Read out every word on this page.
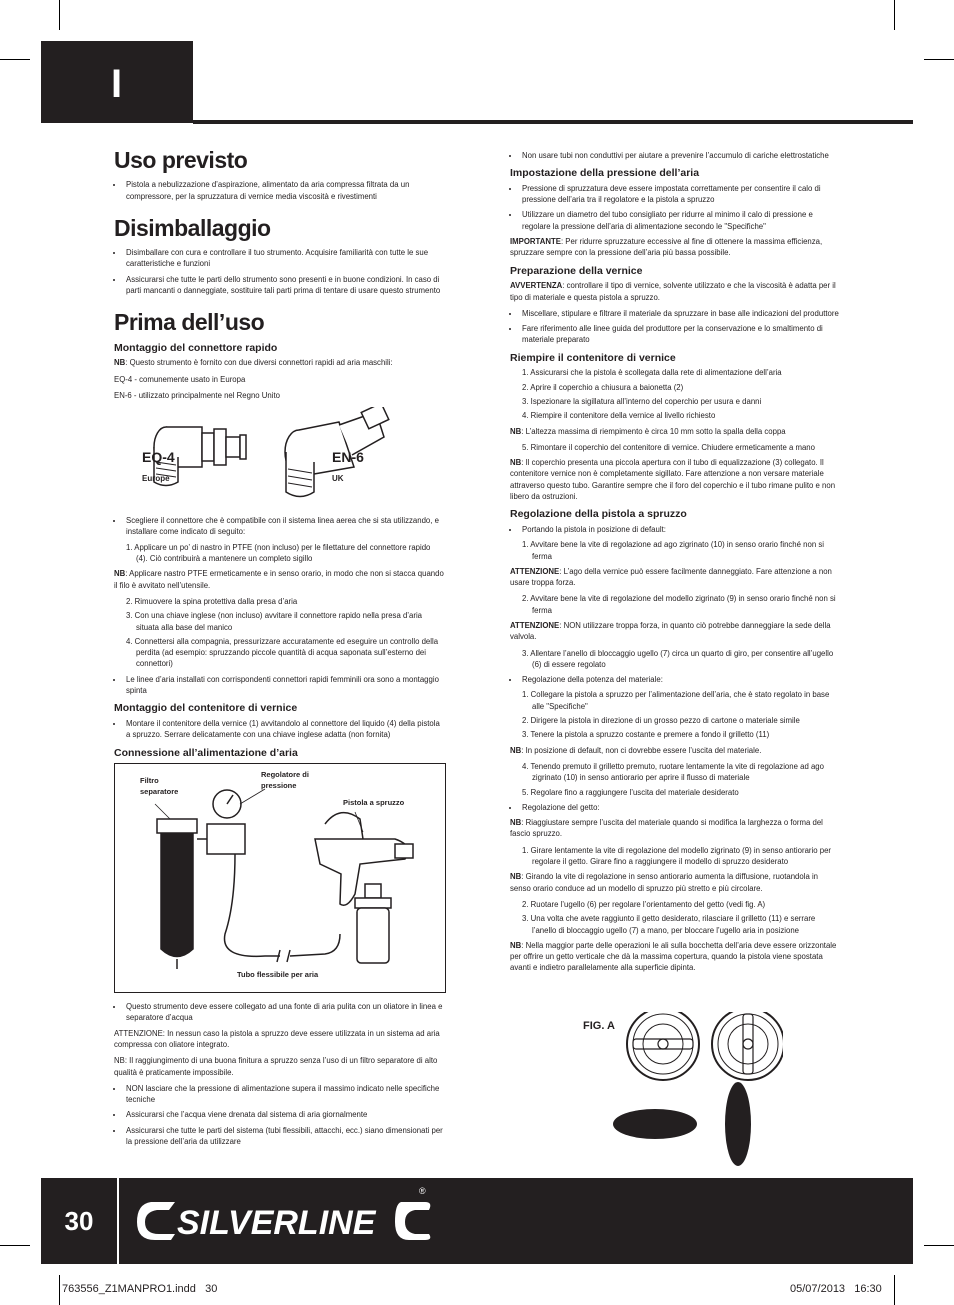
I
Uso previsto
• Pistola a nebulizzazione d’aspirazione, alimentato da aria compressa filtrata da un compressore, per la spruzzatura di vernice media viscosità e rivestimenti
Disimballaggio
• Disimballare con cura e controllare il tuo strumento. Acquisire familiarità con tutte le sue caratteristiche e funzioni
• Assicurarsi che tutte le parti dello strumento sono presenti e in buone condizioni. In caso di parti mancanti o danneggiate, sostituire tali parti prima di tentare di usare questo strumento
Prima dell’uso
Montaggio del connettore rapido

NB: Questo strumento è fornito con due diversi connettori rapidi ad aria maschili:

EQ-4 - comunemente usato in Europa

EN-6 - utilizzato principalmente nel Regno Unito

EQ-4
Europe
EN-6
UK
• Scegliere il connettore che è compatibile con il sistema linea aerea che si sta utilizzando, e installare come indicato di seguito:
1. Applicare un po’ di nastro in PTFE (non incluso) per le filettature del connettore rapido (4). Ciò contribuirà a mantenere un completo sigillo

NB: Applicare nastro PTFE ermeticamente e in senso orario, in modo che non si stacca quando il filo è avvitato nell’utensile.

2. Rimuovere la spina protettiva dalla presa d’aria
3. Con una chiave inglese (non incluso) avvitare il connettore rapido nella presa d’aria situata alla base del manico
4. Connettersi alla compagnia, pressurizzare accuratamente ed eseguire un controllo della perdita (ad esempio: spruzzando piccole quantità di acqua saponata sull’esterno dei connettori)
• Le linee d’aria installati con corrispondenti connettori rapidi femminili ora sono a montaggio spinta
Montaggio del contenitore di vernice
• Montare il contenitore della vernice (1) avvitandolo al connettore del liquido (4) della pistola a spruzzo. Serrare delicatamente con una chiave inglese adatta (non fornita)
Connessione all’alimentazione d’aria
Filtro separatore
Regolatore di pressione
Pistola a spruzzo
Tubo flessibile per aria
• Questo strumento deve essere collegato ad una fonte di aria pulita con un oliatore in linea e separatore d’acqua

ATTENZIONE: In nessun caso la pistola a spruzzo deve essere utilizzata in un sistema ad aria compressa con oliatore integrato.

NB: Il raggiungimento di una buona finitura a spruzzo senza l’uso di un filtro separatore di alto qualità è praticamente impossibile.

• NON lasciare che la pressione di alimentazione supera il massimo indicato nelle specifiche tecniche
• Assicurarsi che l’acqua viene drenata dal sistema di aria giornalmente
• Assicurarsi che tutte le parti del sistema (tubi flessibili, attacchi, ecc.) siano dimensionati per la pressione dell’aria da utilizzare
• Non usare tubi non conduttivi per aiutare a prevenire l’accumulo di cariche elettrostatiche
Impostazione della pressione dell’aria
• Pressione di spruzzatura deve essere impostata correttamente per consentire il calo di pressione dell’aria tra il regolatore e la pistola a spruzzo
• Utilizzare un diametro del tubo consigliato per ridurre al minimo il calo di pressione e regolare la pressione dell’aria di alimentazione secondo le "Specifiche"

IMPORTANTE: Per ridurre spruzzature eccessive al fine di ottenere la massima efficienza, spruzzare sempre con la pressione dell’aria più bassa possibile.

Preparazione della vernice

AVVERTENZA: controllare il tipo di vernice, solvente utilizzato e che la viscosità è adatta per il tipo di materiale e questa pistola a spruzzo.

• Miscellare, stipulare e filtrare il materiale da spruzzare in base alle indicazioni del produttore
• Fare riferimento alle linee guida del produttore per la conservazione e lo smaltimento di materiale preparato
Riempire il contenitore di vernice
1. Assicurarsi che la pistola è scollegata dalla rete di alimentazione dell’aria
2. Aprire il coperchio a chiusura a baionetta (2)
3. Ispezionare la sigillatura all’interno del coperchio per usura e danni
4. Riempire il contenitore della vernice al livello richiesto

NB: L’altezza massima di riempimento è circa 10 mm sotto la spalla della coppa

5. Rimontare il coperchio del contenitore di vernice. Chiudere ermeticamente a mano

NB: Il coperchio presenta una piccola apertura con il tubo di equalizzazione (3) collegato. Il contenitore vernice non è completamente sigillato. Fare attenzione a non versare materiale attraverso questo tubo. Garantire sempre che il foro del coperchio e il tubo rimane pulito e non libero da ostruzioni.

Regolazione della pistola a spruzzo
• Portando la pistola in posizione di default:
1. Avvitare bene la vite di regolazione ad ago zigrinato (10) in senso orario finché non si ferma

ATTENZIONE: L’ago della vernice può essere facilmente danneggiato. Fare attenzione a non usare troppa forza.

2. Avvitare bene la vite di regolazione del modello zigrinato (9) in senso orario finché non si ferma

ATTENZIONE: NON utilizzare troppa forza, in quanto ciò potrebbe danneggiare la sede della valvola.

3. Allentare l’anello di bloccaggio ugello (7) circa un quarto di giro, per consentire all’ugello (6) di essere regolato
• Regolazione della potenza del materiale:
1. Collegare la pistola a spruzzo per l’alimentazione dell’aria, che è stato regolato in base alle "Specifiche"
2. Dirigere la pistola in direzione di un grosso pezzo di cartone o materiale simile
3. Tenere la pistola a spruzzo costante e premere a fondo il grilletto (11)

NB: In posizione di default, non ci dovrebbe essere l’uscita del materiale.

4. Tenendo premuto il grilletto premuto, ruotare lentamente la vite di regolazione ad ago zigrinato (10) in senso antiorario per aprire il flusso di materiale
5. Regolare fino a raggiungere l’uscita del materiale desiderato
• Regolazione del getto:

NB: Riaggiustare sempre l’uscita del materiale quando si modifica la larghezza o forma del fascio spruzzo.

1. Girare lentamente la vite di regolazione del modello zigrinato (9) in senso antiorario per regolare il getto. Girare fino a raggiungere il modello di spruzzo desiderato

NB: Girando la vite di regolazione in senso antiorario aumenta la diffusione, ruotandola in senso orario conduce ad un modello di spruzzo più stretto e più circolare.

2. Ruotare l’ugello (6) per regolare l’orientamento del getto (vedi fig. A)
3. Una volta che avete raggiunto il getto desiderato, rilasciare il grilletto (11) e serrare l’anello di bloccaggio ugello (7) a mano, per bloccare l’ugello aria in posizione

NB: Nella maggior parte delle operazioni le ali sulla bocchetta dell’aria deve essere orizzontale per offrire un getto verticale che dà la massima copertura, quando la pistola viene spostata avanti e indietro parallelamente alla superficie dipinta.

FIG. A
30	SILVERLINE
®
763556_Z1MANPRO1.indd   30	05/07/2013   16:30
